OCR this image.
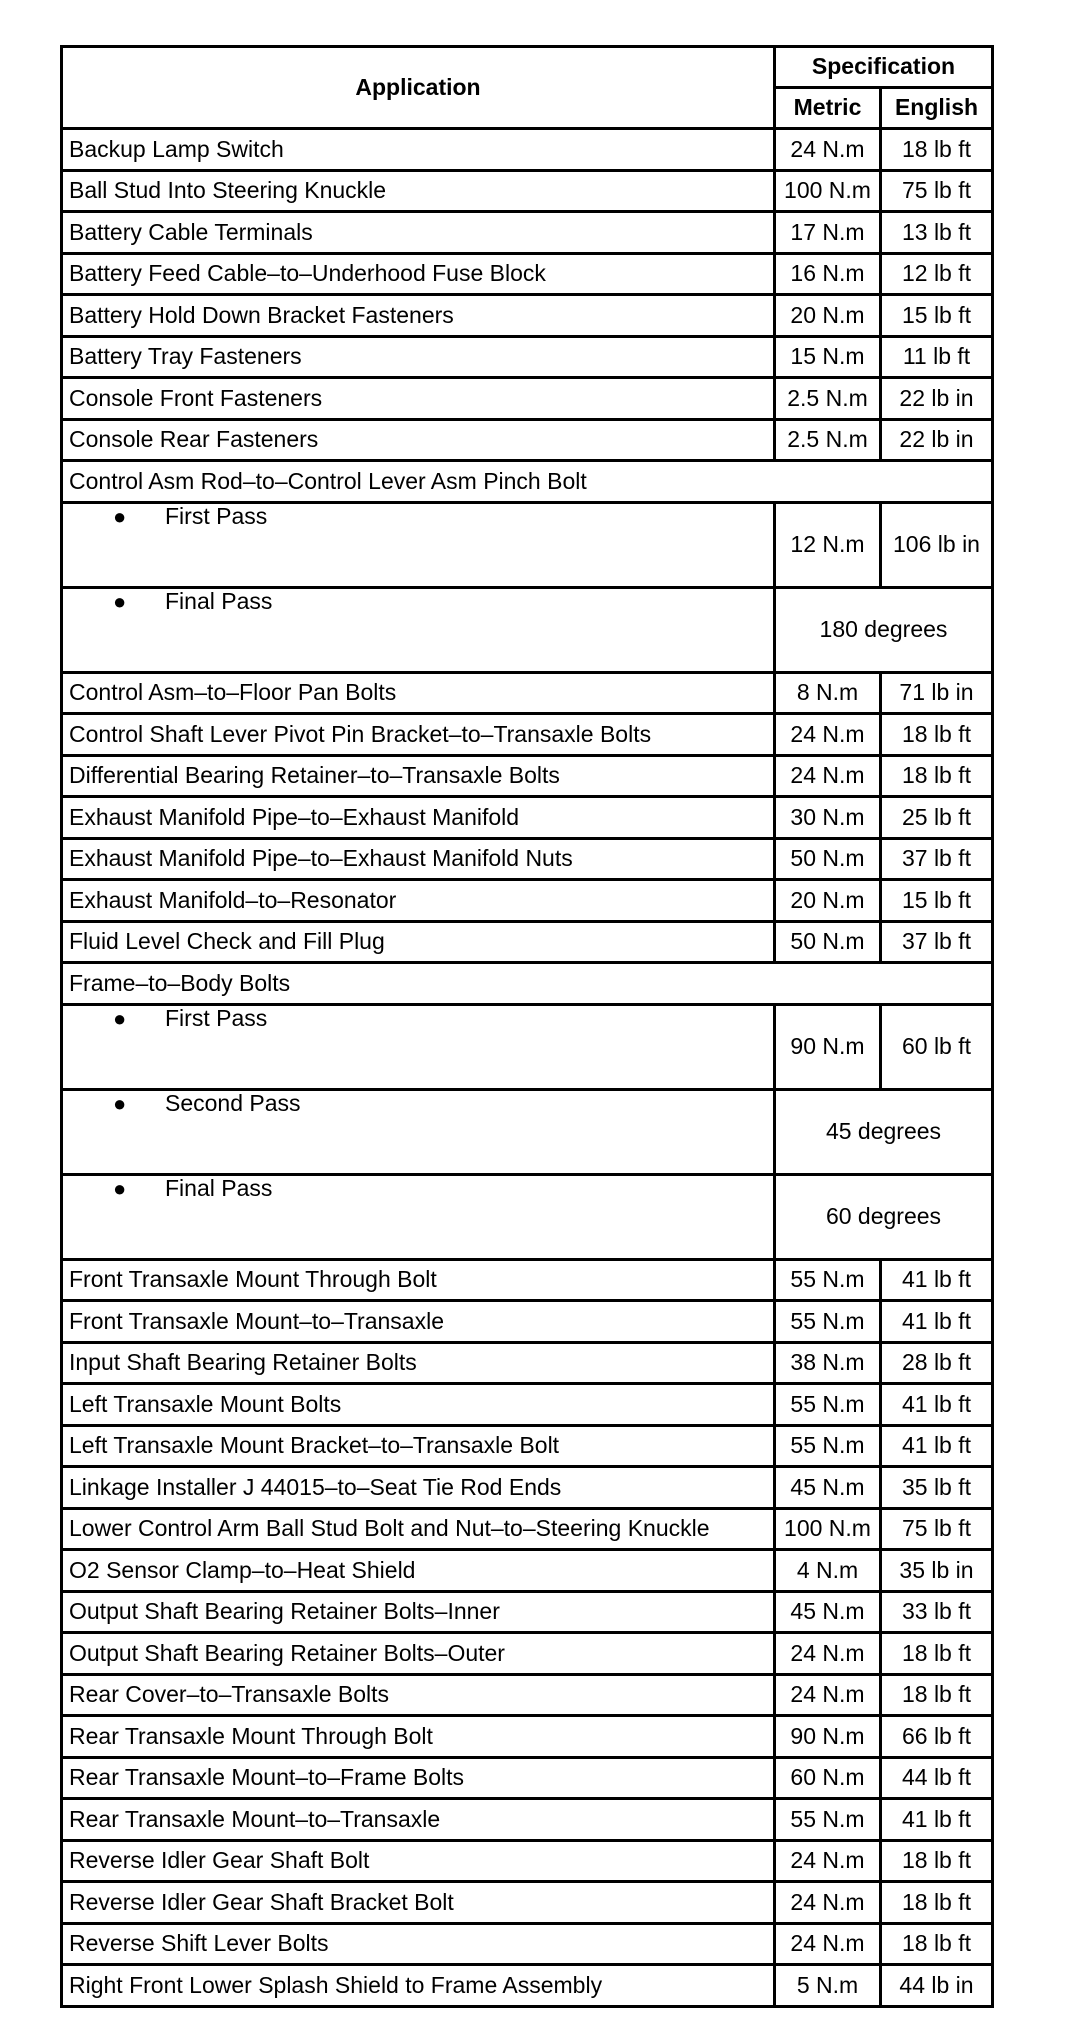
Application	Specification	
	Metric	English
Backup Lamp Switch	24 N.m	18 lb ft
Ball Stud Into Steering Knuckle	100 N.m	75 lb ft
Battery Cable Terminals	17 N.m	13 lb ft
Battery Feed Cable–to–Underhood Fuse Block	16 N.m	12 lb ft
Battery Hold Down Bracket Fasteners	20 N.m	15 lb ft
Battery Tray Fasteners	15 N.m	11 lb ft
Console Front Fasteners	2.5 N.m	22 lb in
Console Rear Fasteners	2.5 N.m	22 lb in
Control Asm Rod–to–Control Lever Asm Pinch Bolt		
● First Pass	12 N.m	106 lb in
● Final Pass	180 degrees	
Control Asm–to–Floor Pan Bolts	8 N.m	71 lb in
Control Shaft Lever Pivot Pin Bracket–to–Transaxle Bolts	24 N.m	18 lb ft
Differential Bearing Retainer–to–Transaxle Bolts	24 N.m	18 lb ft
Exhaust Manifold Pipe–to–Exhaust Manifold	30 N.m	25 lb ft
Exhaust Manifold Pipe–to–Exhaust Manifold Nuts	50 N.m	37 lb ft
Exhaust Manifold–to–Resonator	20 N.m	15 lb ft
Fluid Level Check and Fill Plug	50 N.m	37 lb ft
Frame–to–Body Bolts		
● First Pass	90 N.m	60 lb ft
● Second Pass	45 degrees	
● Final Pass	60 degrees	
Front Transaxle Mount Through Bolt	55 N.m	41 lb ft
Front Transaxle Mount–to–Transaxle	55 N.m	41 lb ft
Input Shaft Bearing Retainer Bolts	38 N.m	28 lb ft
Left Transaxle Mount Bolts	55 N.m	41 lb ft
Left Transaxle Mount Bracket–to–Transaxle Bolt	55 N.m	41 lb ft
Linkage Installer J 44015–to–Seat Tie Rod Ends	45 N.m	35 lb ft
Lower Control Arm Ball Stud Bolt and Nut–to–Steering Knuckle	100 N.m	75 lb ft
O2 Sensor Clamp–to–Heat Shield	4 N.m	35 lb in
Output Shaft Bearing Retainer Bolts–Inner	45 N.m	33 lb ft
Output Shaft Bearing Retainer Bolts–Outer	24 N.m	18 lb ft
Rear Cover–to–Transaxle Bolts	24 N.m	18 lb ft
Rear Transaxle Mount Through Bolt	90 N.m	66 lb ft
Rear Transaxle Mount–to–Frame Bolts	60 N.m	44 lb ft
Rear Transaxle Mount–to–Transaxle	55 N.m	41 lb ft
Reverse Idler Gear Shaft Bolt	24 N.m	18 lb ft
Reverse Idler Gear Shaft Bracket Bolt	24 N.m	18 lb ft
Reverse Shift Lever Bolts	24 N.m	18 lb ft
Right Front Lower Splash Shield to Frame Assembly	5 N.m	44 lb in
